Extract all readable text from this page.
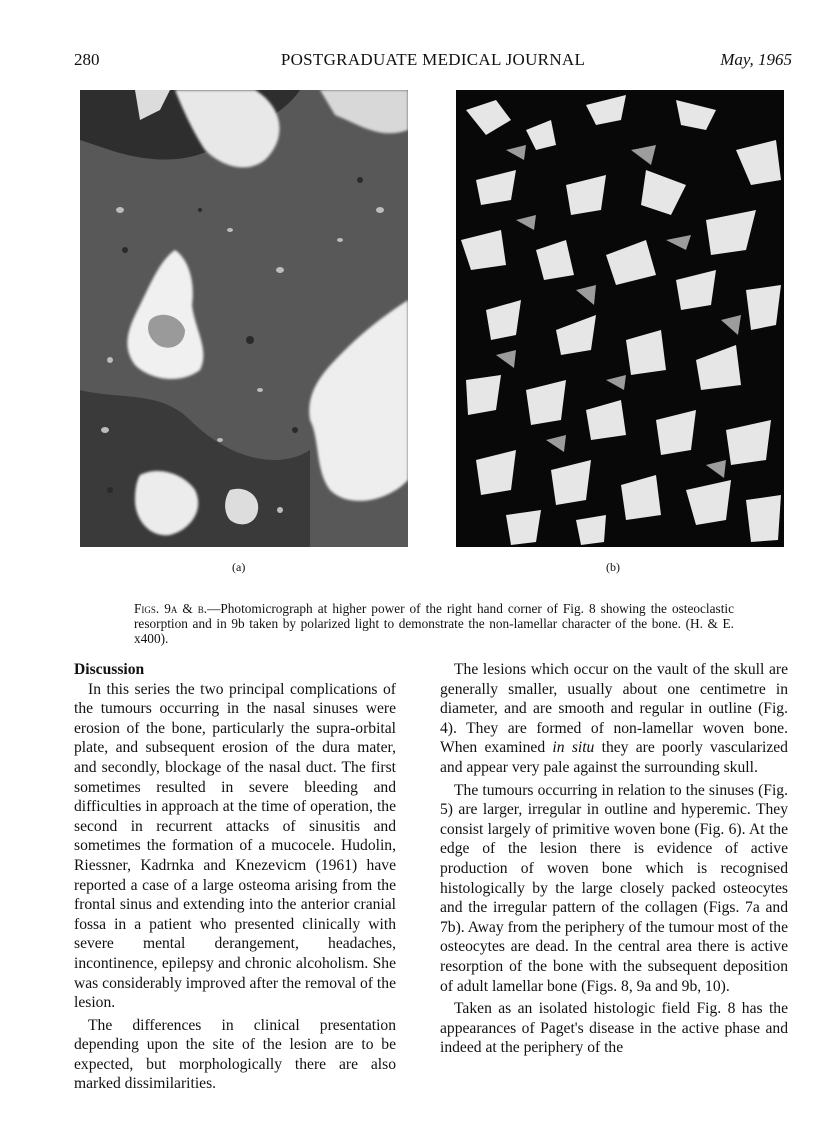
280	POSTGRADUATE MEDICAL JOURNAL	May, 1965
(a)	(b)
Figs. 9a & b.—Photomicrograph at higher power of the right hand corner of Fig. 8 showing the osteoclastic resorption and in 9b taken by polarized light to demonstrate the non-lamellar character of the bone. (H. & E. x400).
Discussion

In this series the two principal complications of the tumours occurring in the nasal sinuses were erosion of the bone, particularly the supra-orbital plate, and subsequent erosion of the dura mater, and secondly, blockage of the nasal duct. The first sometimes resulted in severe bleeding and difficulties in approach at the time of operation, the second in recurrent attacks of sinusitis and sometimes the formation of a mucocele. Hudolin, Riessner, Kadrnka and Knezevicm (1961) have reported a case of a large osteoma arising from the frontal sinus and extending into the anterior cranial fossa in a patient who presented clinically with severe mental derangement, headaches, incontinence, epilepsy and chronic alcoholism. She was considerably improved after the removal of the lesion.

The differences in clinical presentation depending upon the site of the lesion are to be expected, but morphologically there are also marked dissimilarities.

The lesions which occur on the vault of the skull are generally smaller, usually about one centimetre in diameter, and are smooth and regular in outline (Fig. 4). They are formed of non-lamellar woven bone. When examined in situ they are poorly vascularized and appear very pale against the surrounding skull.

The tumours occurring in relation to the sinuses (Fig. 5) are larger, irregular in outline and hyperemic. They consist largely of primitive woven bone (Fig. 6). At the edge of the lesion there is evidence of active production of woven bone which is recognised histologically by the large closely packed osteocytes and the irregular pattern of the collagen (Figs. 7a and 7b). Away from the periphery of the tumour most of the osteocytes are dead. In the central area there is active resorption of the bone with the subsequent deposition of adult lamellar bone (Figs. 8, 9a and 9b, 10).

Taken as an isolated histologic field Fig. 8 has the appearances of Paget's disease in the active phase and indeed at the periphery of the
